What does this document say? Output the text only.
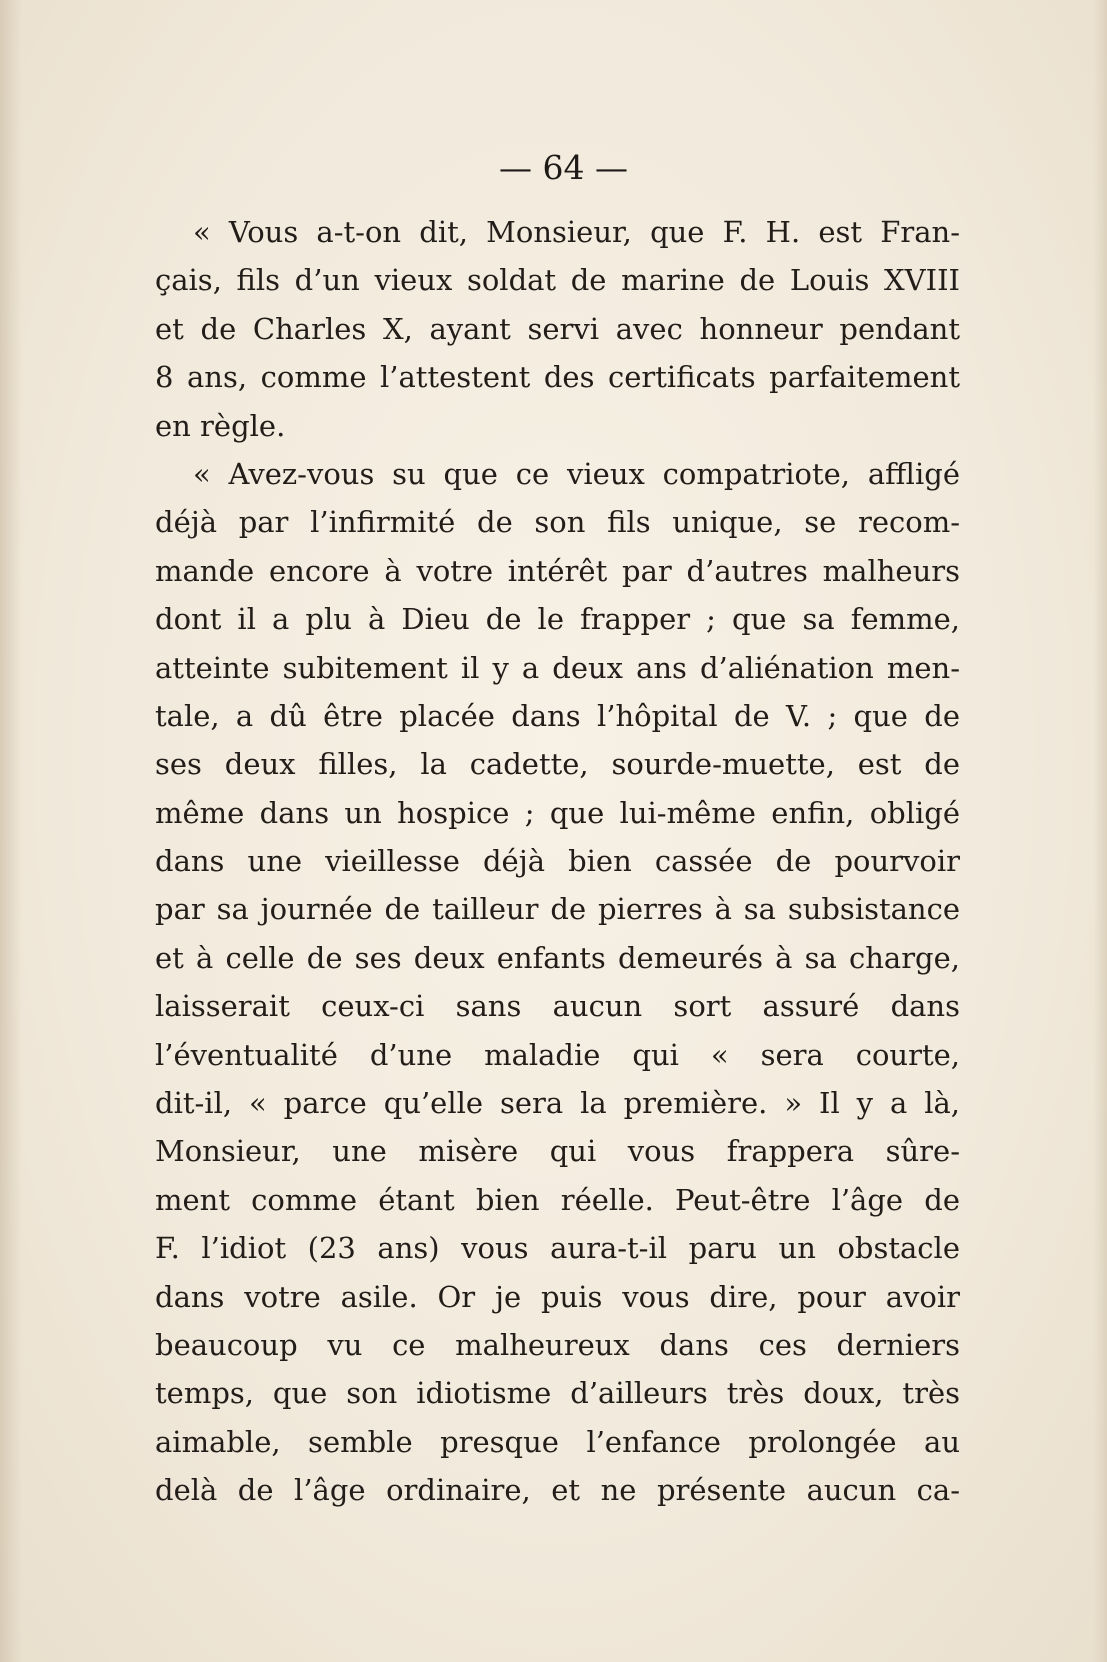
— 64 —

« Vous a-t-on dit, Monsieur, que F. H. est Fran-
çais, fils d’un vieux soldat de marine de Louis XVIII
et de Charles X, ayant servi avec honneur pendant
8 ans, comme l’attestent des certificats parfaitement
en règle.
« Avez-vous su que ce vieux compatriote, affligé
déjà par l’infirmité de son fils unique, se recom-
mande encore à votre intérêt par d’autres malheurs
dont il a plu à Dieu de le frapper ; que sa femme,
atteinte subitement il y a deux ans d’aliénation men-
tale, a dû être placée dans l’hôpital de V. ; que de
ses deux filles, la cadette, sourde-muette, est de
même dans un hospice ; que lui-même enfin, obligé
dans une vieillesse déjà bien cassée de pourvoir
par sa journée de tailleur de pierres à sa subsistance
et à celle de ses deux enfants demeurés à sa charge,
laisserait ceux-ci sans aucun sort assuré dans
l’éventualité d’une maladie qui « sera courte,
dit-il, « parce qu’elle sera la première. » Il y a là,
Monsieur, une misère qui vous frappera sûre-
ment comme étant bien réelle. Peut-être l’âge de
F. l’idiot (23 ans) vous aura-t-il paru un obstacle
dans votre asile. Or je puis vous dire, pour avoir
beaucoup vu ce malheureux dans ces derniers
temps, que son idiotisme d’ailleurs très doux, très
aimable, semble presque l’enfance prolongée au
delà de l’âge ordinaire, et ne présente aucun ca-
